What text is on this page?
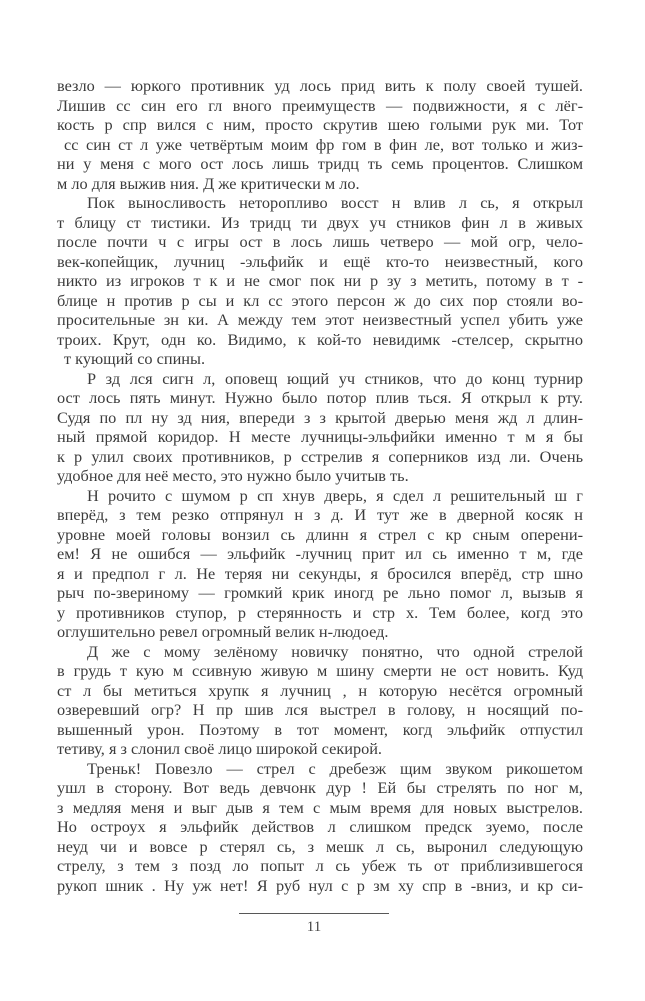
везло — юркого противник уд лось прид вить к полу своей тушей.
Лишив сс син его гл вного преимуществ — подвижности, я с лёг-
кость р спр вился с ним, просто скрутив шею голыми рук ми. Тот
сс син ст л уже четвёртым моим фр гом в фин ле, вот только и жиз-
ни у меня с мого ост лось лишь тридц ть семь процентов. Слишком
м ло для выжив ния. Д же критически м ло.
Пок выносливость неторопливо восст н влив л сь, я открыл
т блицу ст тистики. Из тридц ти двух уч стников фин л в живых
после почти ч с игры ост в лось лишь четверо — мой огр, чело-
век-копейщик, лучниц -эльфийк и ещё кто-то неизвестный, кого
никто из игроков т к и не смог пок ни р зу з метить, потому в т -
блице н против р сы и кл сс этого персон ж до сих пор стояли во-
просительные зн ки. А между тем этот неизвестный успел убить уже
троих. Крут, одн ко. Видимо, к кой-то невидимк -стелсер, скрытно
т кующий со спины.
Р зд лся сигн л, оповещ ющий уч стников, что до конц турнир
ост лось пять минут. Нужно было потор плив ться. Я открыл к рту.
Судя по пл ну зд ния, впереди з з крытой дверью меня жд л длин-
ный прямой коридор. Н месте лучницы-эльфийки именно т м я бы
к р улил своих противников, р сстрелив я соперников изд ли. Очень
удобное для неё место, это нужно было учитыв ть.
Н рочито с шумом р сп хнув дверь, я сдел л решительный ш г
вперёд, з тем резко отпрянул н з д. И тут же в дверной косяк н
уровне моей головы вонзил сь длинн я стрел с кр сным оперени-
ем! Я не ошибся — эльфийк -лучниц прит ил сь именно т м, где
я и предпол г л. Не теряя ни секунды, я бросился вперёд, стр шно
рыч по-звериному — громкий крик иногд ре льно помог л, вызыв я
у противников ступор, р стерянность и стр х. Тем более, когд это
оглушительно ревел огромный велик н-людоед.
Д же с мому зелёному новичку понятно, что одной стрелой
в грудь т кую м ссивную живую м шину смерти не ост новить. Куд
ст л бы метиться хрупк я лучниц , н которую несётся огромный
озверевший огр? Н пр шив лся выстрел в голову, н носящий по-
вышенный урон. Поэтому в тот момент, когд эльфийк отпустил
тетиву, я з слонил своё лицо широкой секирой.
Треньк! Повезло — стрел с дребезж щим звуком рикошетом
ушл в сторону. Вот ведь девчонк дур ! Ей бы стрелять по ног м,
з медляя меня и выг дыв я тем с мым время для новых выстрелов.
Но остроух я эльфийк действов л слишком предск зуемо, после
неуд чи и вовсе р стерял сь, з мешк л сь, выронил следующую
стрелу, з тем з позд ло попыт л сь убеж ть от приблизившегося
рукоп шник . Ну уж нет! Я руб нул с р зм ху спр в -вниз, и кр си-
11
